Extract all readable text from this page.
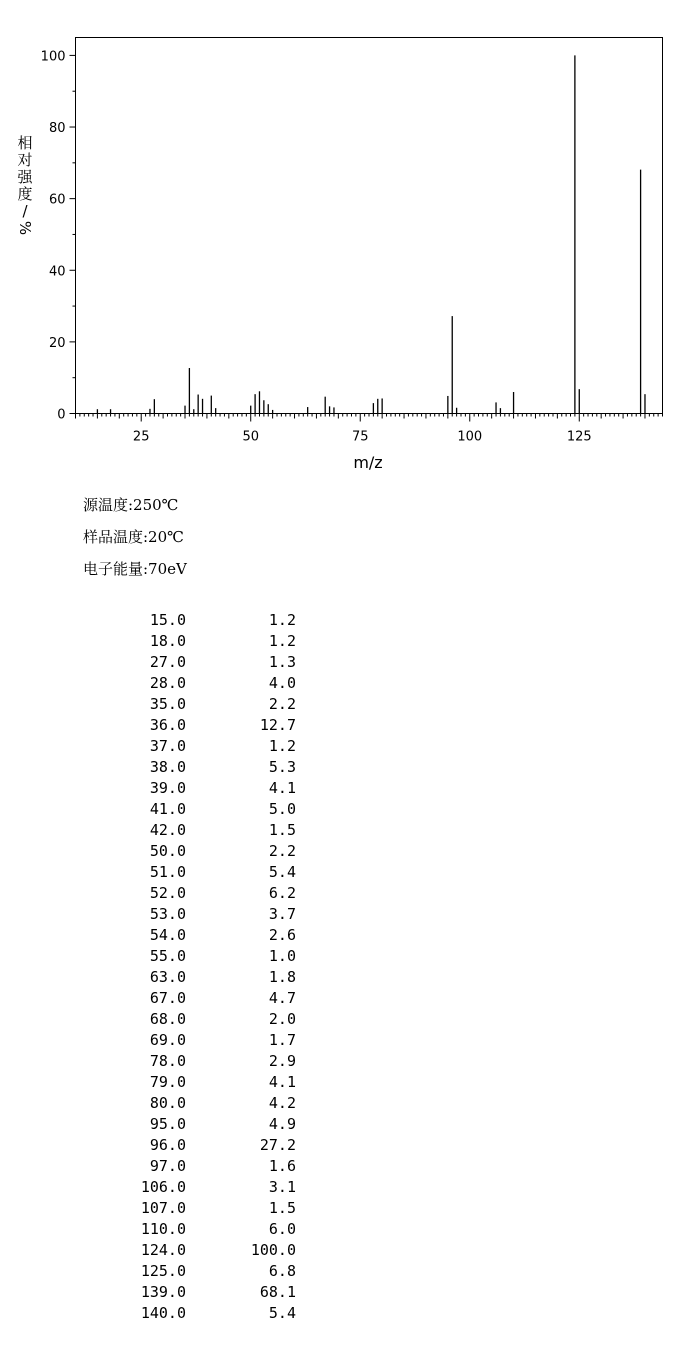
0
20
40
60
80
100
25	50	75	100	125
m/z
相
对
强
度
/
%
源温度:250℃
样品温度:20℃
电子能量:70eV
15.0	1.2
18.0	1.2
27.0	1.3
28.0	4.0
35.0	2.2
36.0	12.7
37.0	1.2
38.0	5.3
39.0	4.1
41.0	5.0
42.0	1.5
50.0	2.2
51.0	5.4
52.0	6.2
53.0	3.7
54.0	2.6
55.0	1.0
63.0	1.8
67.0	4.7
68.0	2.0
69.0	1.7
78.0	2.9
79.0	4.1
80.0	4.2
95.0	4.9
96.0	27.2
97.0	1.6
106.0	3.1
107.0	1.5
110.0	6.0
124.0	100.0
125.0	6.8
139.0	68.1
140.0	5.4
